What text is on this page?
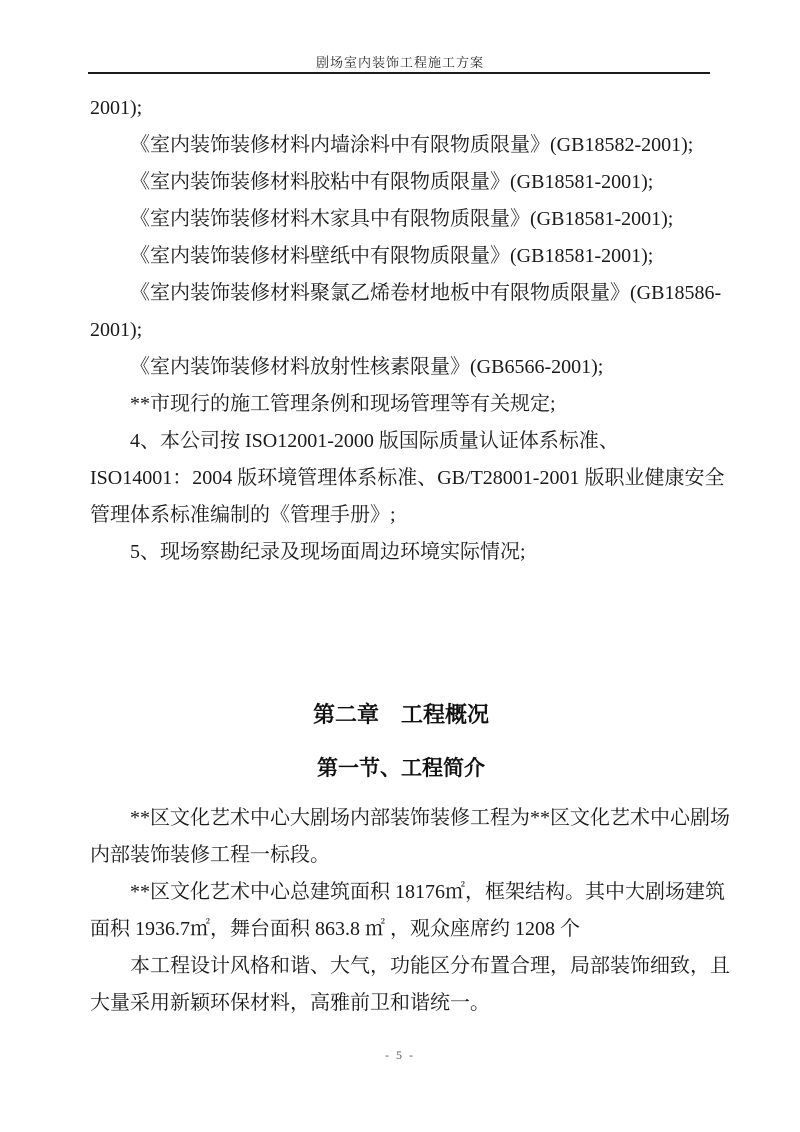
剧场室内装饰工程施工方案
2001);
《室内装饰装修材料内墙涂料中有限物质限量》(GB18582-2001);
《室内装饰装修材料胶粘中有限物质限量》(GB18581-2001);
《室内装饰装修材料木家具中有限物质限量》(GB18581-2001);
《室内装饰装修材料壁纸中有限物质限量》(GB18581-2001);
《室内装饰装修材料聚氯乙烯卷材地板中有限物质限量》(GB18586-
2001);
《室内装饰装修材料放射性核素限量》(GB6566-2001);
**市现行的施工管理条例和现场管理等有关规定;
4、本公司按 ISO12001-2000 版国际质量认证体系标准、
ISO14001：2004 版环境管理体系标准、GB/T28001-2001 版职业健康安全
管理体系标准编制的《管理手册》;
5、现场察勘纪录及现场面周边环境实际情况;
第二章　工程概况
第一节、工程简介
**区文化艺术中心大剧场内部装饰装修工程为**区文化艺术中心剧场
内部装饰装修工程一标段。
**区文化艺术中心总建筑面积 18176㎡，框架结构。其中大剧场建筑
面积 1936.7㎡，舞台面积 863.8 ㎡ ，观众座席约 1208 个
本工程设计风格和谐、大气，功能区分布置合理，局部装饰细致，且
大量采用新颖环保材料，高雅前卫和谐统一。
- 5 -
